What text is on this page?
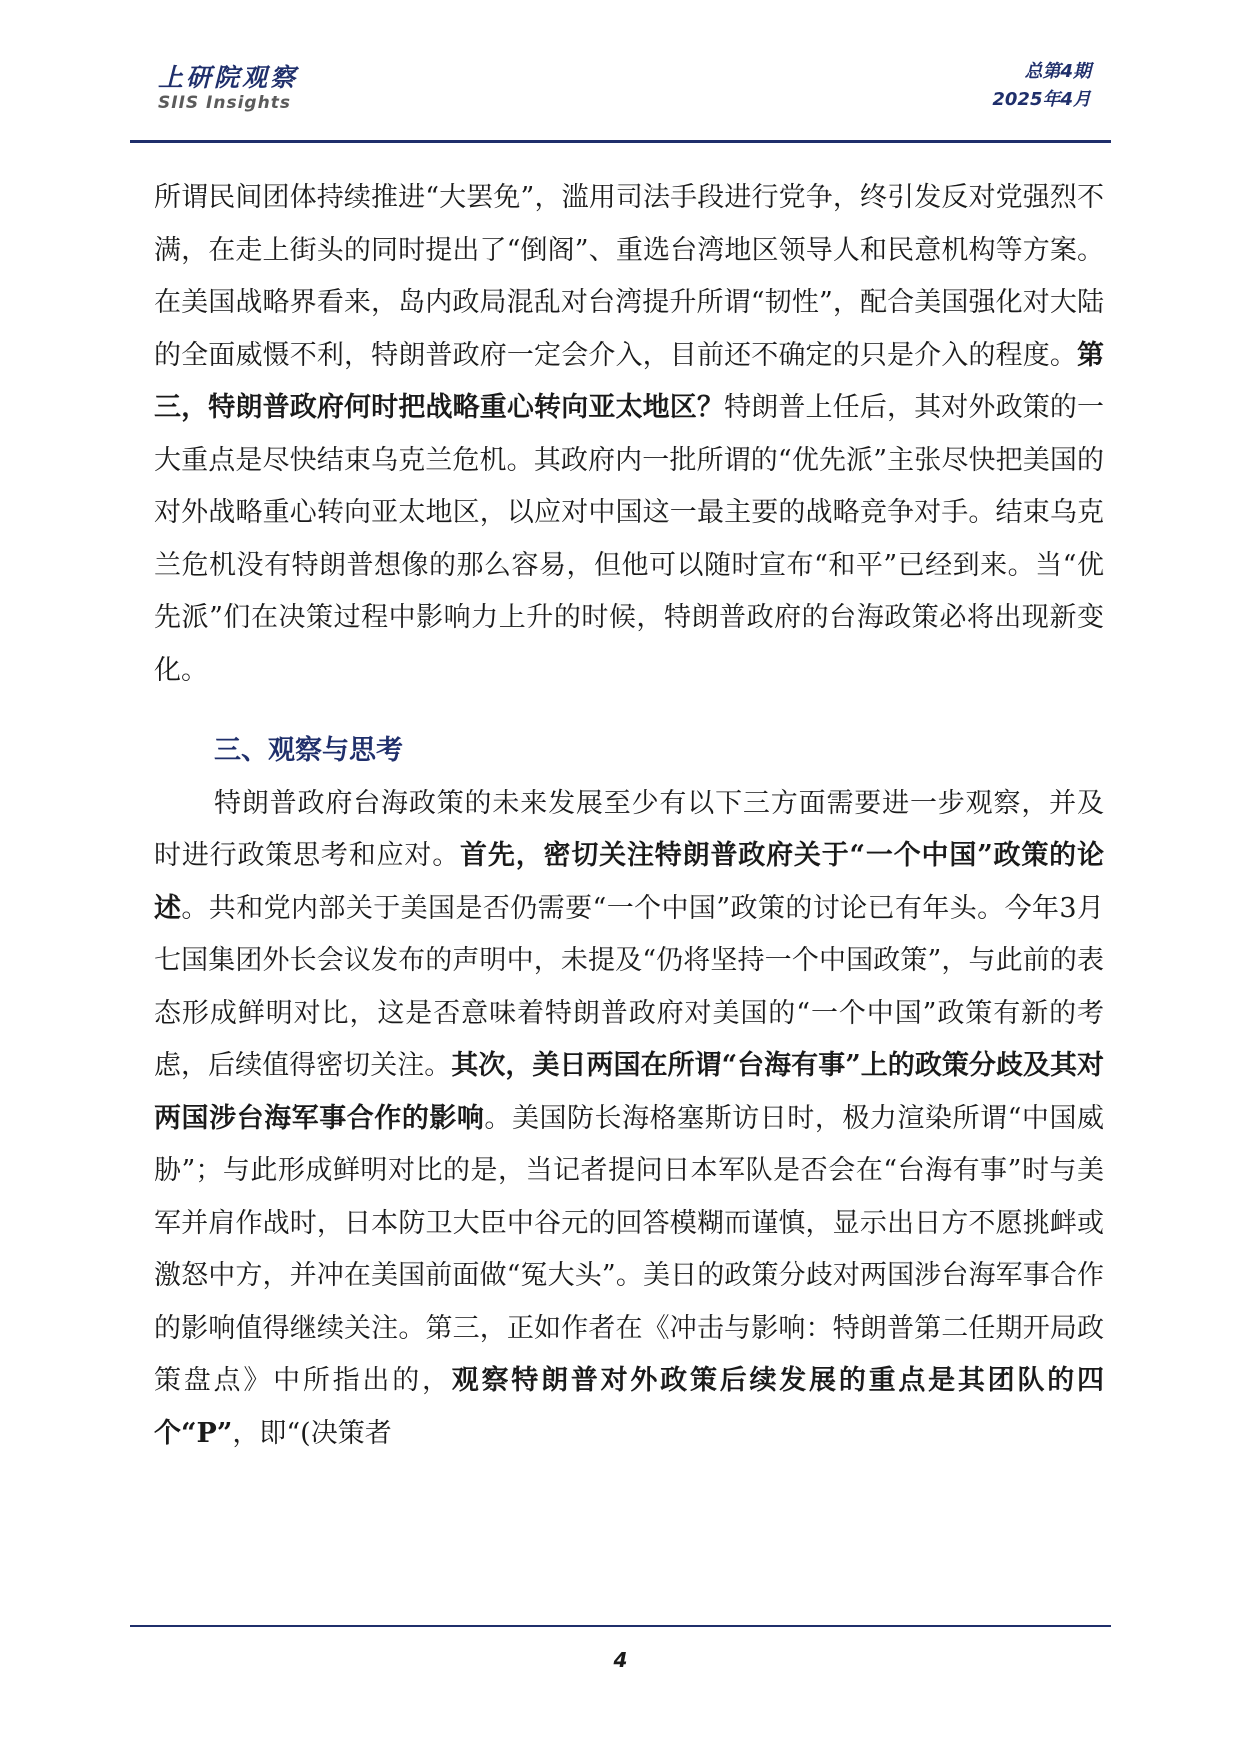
上研院观察
SIIS Insights
总第4期
2025年4月

所谓民间团体持续推进“大罢免”，滥用司法手段进行党争，终引发反对党强烈不满，在走上街头的同时提出了“倒阁”、重选台湾地区领导人和民意机构等方案。在美国战略界看来，岛内政局混乱对台湾提升所谓“韧性”，配合美国强化对大陆的全面威慑不利，特朗普政府一定会介入，目前还不确定的只是介入的程度。第三，特朗普政府何时把战略重心转向亚太地区？特朗普上任后，其对外政策的一大重点是尽快结束乌克兰危机。其政府内一批所谓的“优先派”主张尽快把美国的对外战略重心转向亚太地区，以应对中国这一最主要的战略竞争对手。结束乌克兰危机没有特朗普想像的那么容易，但他可以随时宣布“和平”已经到来。当“优先派”们在决策过程中影响力上升的时候，特朗普政府的台海政策必将出现新变化。

三、观察与思考

特朗普政府台海政策的未来发展至少有以下三方面需要进一步观察，并及时进行政策思考和应对。首先，密切关注特朗普政府关于“一个中国”政策的论述。共和党内部关于美国是否仍需要“一个中国”政策的讨论已有年头。今年3月七国集团外长会议发布的声明中，未提及“仍将坚持一个中国政策”，与此前的表态形成鲜明对比，这是否意味着特朗普政府对美国的“一个中国”政策有新的考虑，后续值得密切关注。其次，美日两国在所谓“台海有事”上的政策分歧及其对两国涉台海军事合作的影响。美国防长海格塞斯访日时，极力渲染所谓“中国威胁”；与此形成鲜明对比的是，当记者提问日本军队是否会在“台海有事”时与美军并肩作战时，日本防卫大臣中谷元的回答模糊而谨慎，显示出日方不愿挑衅或激怒中方，并冲在美国前面做“冤大头”。美日的政策分歧对两国涉台海军事合作的影响值得继续关注。第三，正如作者在《冲击与影响：特朗普第二任期开局政策盘点》中所指出的，观察特朗普对外政策后续发展的重点是其团队的四个“P”，即“(决策者

4
